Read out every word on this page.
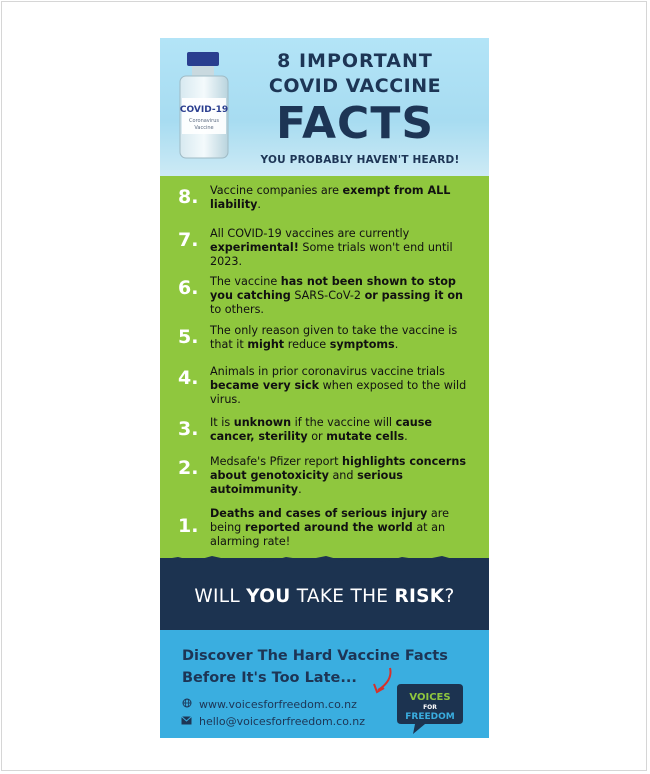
COVID-19
Coronavirus
Vaccine
8 IMPORTANT
COVID VACCINE
FACTS
YOU PROBABLY HAVEN'T HEARD!
WILL YOU TAKE THE RISK?
Discover The Hard Vaccine Facts
Before It's Too Late...
www.voicesforfreedom.co.nz
hello@voicesforfreedom.co.nz
VOICES
FOR
FREEDOM
8.	Vaccine companies are exempt from ALL liability.
7.	All COVID-19 vaccines are currently experimental! Some trials won't end until 2023.
6.	The vaccine has not been shown to stop you catching SARS-CoV-2 or passing it on to others.
5.	The only reason given to take the vaccine is that it might reduce symptoms.
4.	Animals in prior coronavirus vaccine trials became very sick when exposed to the wild virus.
3.	It is unknown if the vaccine will cause cancer, sterility or mutate cells.
2.	Medsafe's Pfizer report highlights concerns about genotoxicity and serious autoimmunity.
1.
Deaths and cases of serious injury are being reported around the world at an alarming rate!
